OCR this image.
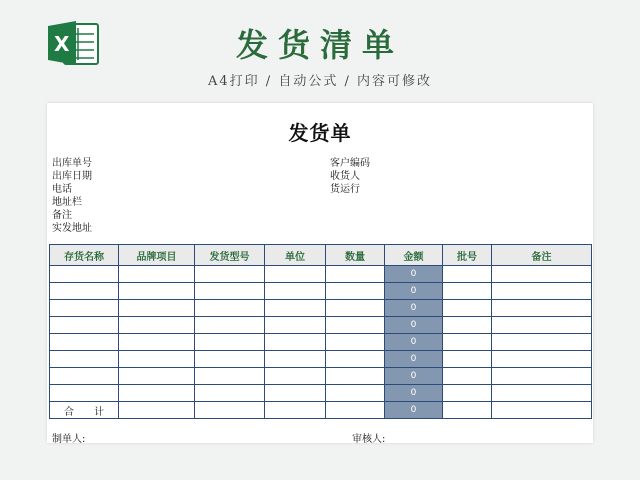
X	发货清单
A4打印 / 自动公式 / 内容可修改
发货单
出库单号
出库日期
电话
地址栏
备注
实发地址
客户编码
收货人
货运行
存货名称	品牌项目	发货型号	单位	数量	金额	批号	备注
					0		
					0		
					0		
					0		
					0		
					0		
					0		
					0		
合　　计					0		
制单人:	审核人:
